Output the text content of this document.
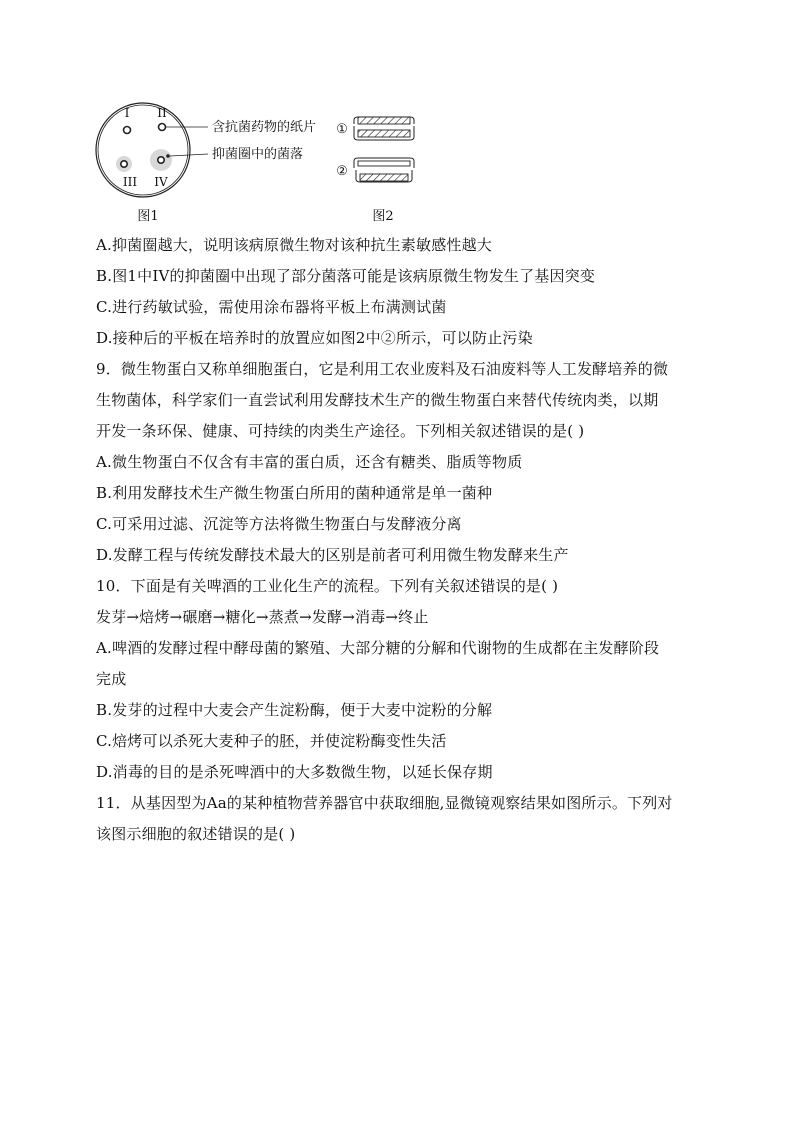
I II
III IV
含抗菌药物的纸片
抑菌圈中的菌落
图1
①
②
图2
A.抑菌圈越大，说明该病原微生物对该种抗生素敏感性越大
B.图1中IV的抑菌圈中出现了部分菌落可能是该病原微生物发生了基因突变
C.进行药敏试验，需使用涂布器将平板上布满测试菌
D.接种后的平板在培养时的放置应如图2中②所示，可以防止污染
9．微生物蛋白又称单细胞蛋白，它是利用工农业废料及石油废料等人工发酵培养的微
生物菌体，科学家们一直尝试利用发酵技术生产的微生物蛋白来替代传统肉类，以期
开发一条环保、健康、可持续的肉类生产途径。下列相关叙述错误的是( )
A.微生物蛋白不仅含有丰富的蛋白质，还含有糖类、脂质等物质
B.利用发酵技术生产微生物蛋白所用的菌种通常是单一菌种
C.可采用过滤、沉淀等方法将微生物蛋白与发酵液分离
D.发酵工程与传统发酵技术最大的区别是前者可利用微生物发酵来生产
10．下面是有关啤酒的工业化生产的流程。下列有关叙述错误的是( )
发芽→焙烤→碾磨→糖化→蒸煮→发酵→消毒→终止
A.啤酒的发酵过程中酵母菌的繁殖、大部分糖的分解和代谢物的生成都在主发酵阶段
完成
B.发芽的过程中大麦会产生淀粉酶，便于大麦中淀粉的分解
C.焙烤可以杀死大麦种子的胚，并使淀粉酶变性失活
D.消毒的目的是杀死啤酒中的大多数微生物，以延长保存期
11．从基因型为Aa的某种植物营养器官中获取细胞,显微镜观察结果如图所示。下列对
该图示细胞的叙述错误的是( )
